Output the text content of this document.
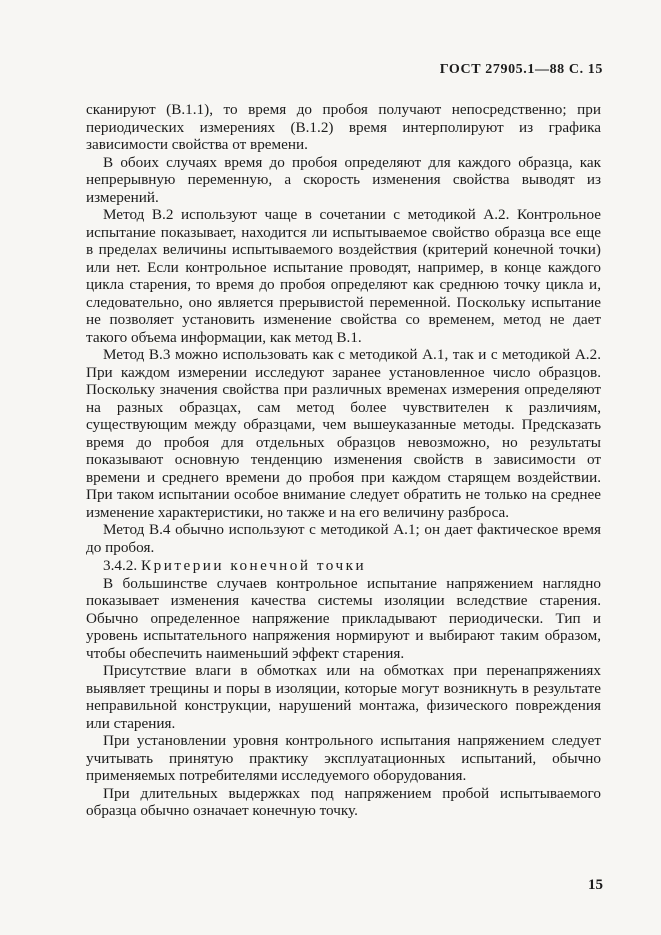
ГОСТ 27905.1—88 С. 15

сканируют (В.1.1), то время до пробоя получают непосредственно; при периодических измерениях (В.1.2) время интерполируют из графика зависимости свойства от времени.

В обоих случаях время до пробоя определяют для каждого образца, как непрерывную переменную, а скорость изменения свойства выводят из измерений.

Метод В.2 используют чаще в сочетании с методикой А.2. Контрольное испытание показывает, находится ли испытываемое свойство образца все еще в пределах величины испытываемого воздействия (критерий конечной точки) или нет. Если контрольное испытание проводят, например, в конце каждого цикла старения, то время до пробоя определяют как среднюю точку цикла и, следовательно, оно является прерывистой переменной. Поскольку испытание не позволяет установить изменение свойства со временем, метод не дает такого объема информации, как метод В.1.

Метод В.3 можно использовать как с методикой А.1, так и с методикой А.2. При каждом измерении исследуют заранее установленное число образцов. Поскольку значения свойства при различных временах измерения определяют на разных образцах, сам метод более чувствителен к различиям, существующим между образцами, чем вышеуказанные методы. Предсказать время до пробоя для отдельных образцов невозможно, но результаты показывают основную тенденцию изменения свойств в зависимости от времени и среднего времени до пробоя при каждом старящем воздействии. При таком испытании особое внимание следует обратить не только на среднее изменение характеристики, но также и на его величину разброса.

Метод В.4 обычно используют с методикой А.1; он дает фактическое время до пробоя.

3.4.2. Критерии конечной точки

В большинстве случаев контрольное испытание напряжением наглядно показывает изменения качества системы изоляции вследствие старения. Обычно определенное напряжение прикладывают периодически. Тип и уровень испытательного напряжения нормируют и выбирают таким образом, чтобы обеспечить наименьший эффект старения.

Присутствие влаги в обмотках или на обмотках при перенапряжениях выявляет трещины и поры в изоляции, которые могут возникнуть в результате неправильной конструкции, нарушений монтажа, физического повреждения или старения.

При установлении уровня контрольного испытания напряжением следует учитывать принятую практику эксплуатационных испытаний, обычно применяемых потребителями исследуемого оборудования.

При длительных выдержках под напряжением пробой испытываемого образца обычно означает конечную точку.

15
